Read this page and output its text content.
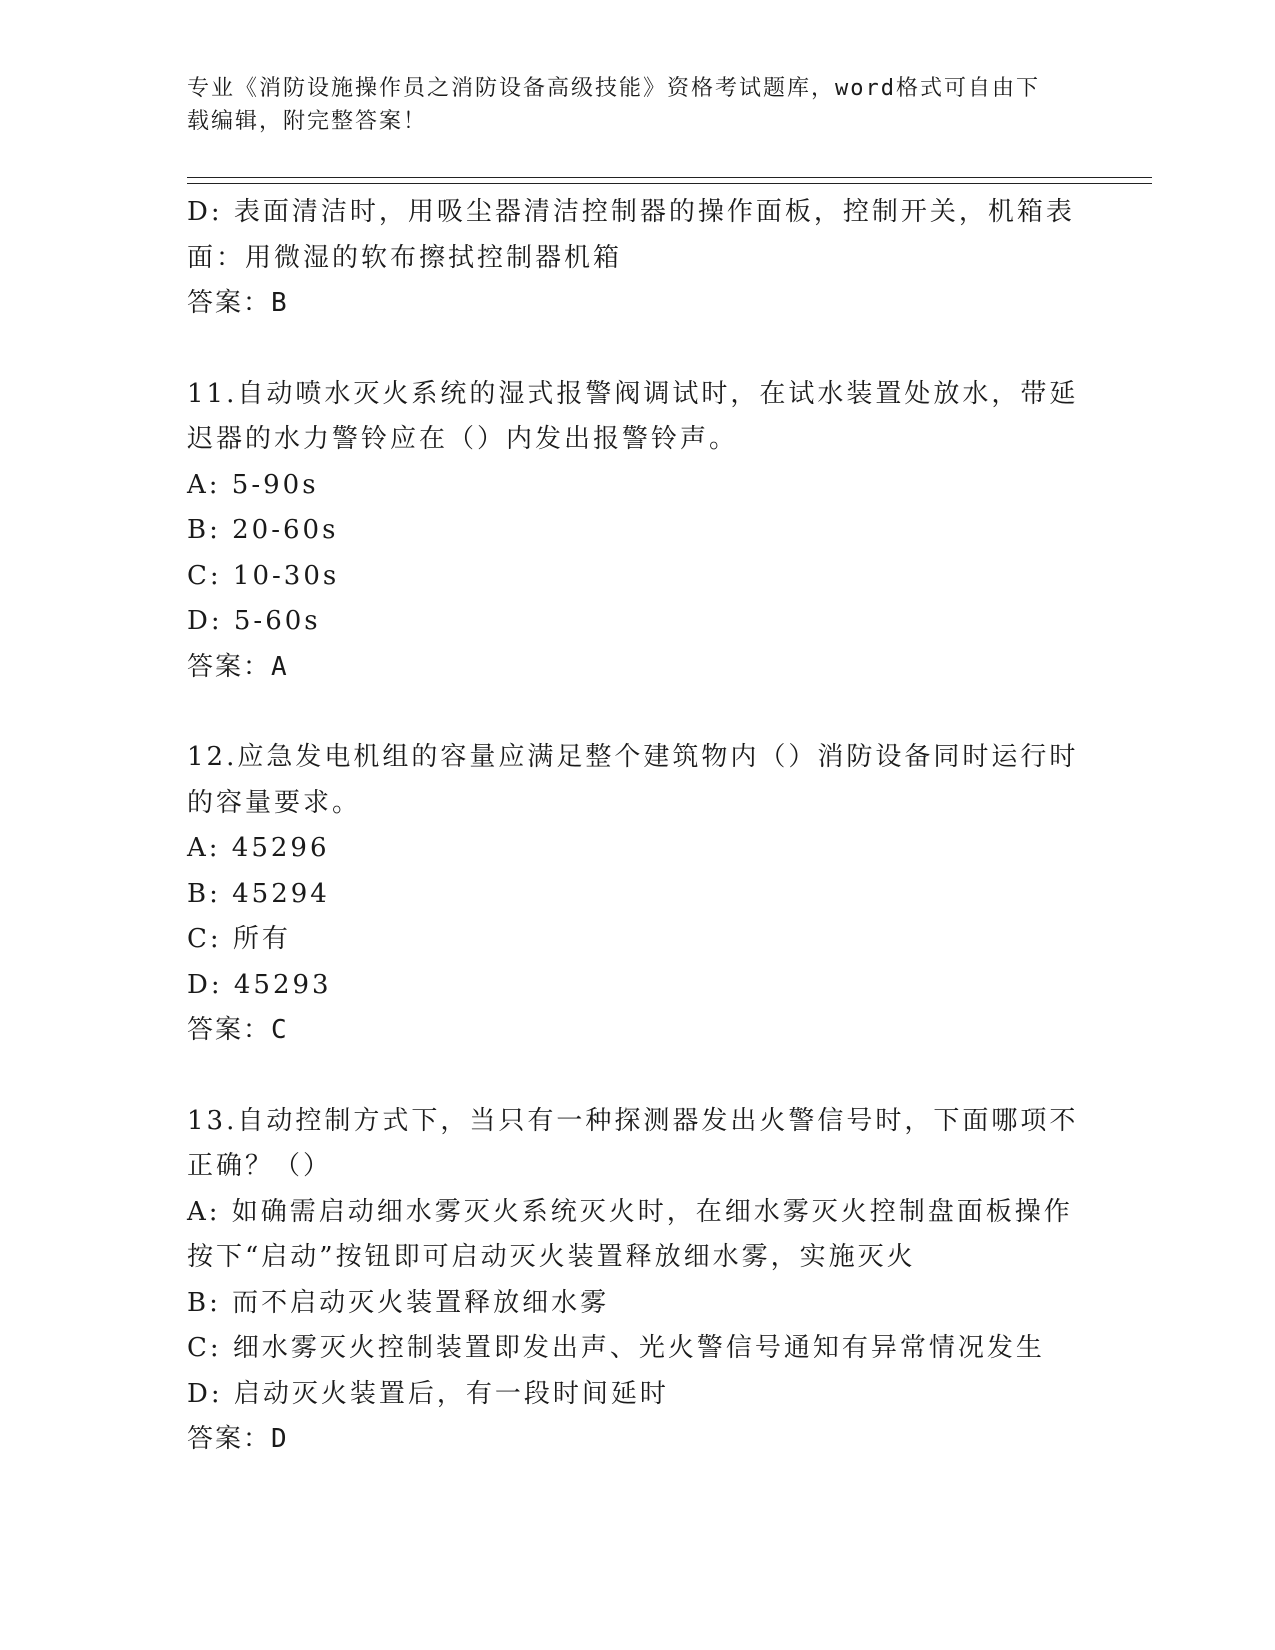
专业《消防设施操作员之消防设备高级技能》资格考试题库，word格式可自由下
载编辑，附完整答案！
D: 表面清洁时，用吸尘器清洁控制器的操作面板，控制开关，机箱表
面：用微湿的软布擦拭控制器机箱
答案：B
11.自动喷水灭火系统的湿式报警阀调试时，在试水装置处放水，带延
迟器的水力警铃应在（）内发出报警铃声。
A: 5-90s
B: 20-60s
C: 10-30s
D: 5-60s
答案：A
12.应急发电机组的容量应满足整个建筑物内（）消防设备同时运行时
的容量要求。
A: 45296
B: 45294
C: 所有
D: 45293
答案：C
13.自动控制方式下，当只有一种探测器发出火警信号时，下面哪项不
正确？（）
A: 如确需启动细水雾灭火系统灭火时，在细水雾灭火控制盘面板操作
按下“启动”按钮即可启动灭火装置释放细水雾，实施灭火
B: 而不启动灭火装置释放细水雾
C: 细水雾灭火控制装置即发出声、光火警信号通知有异常情况发生
D: 启动灭火装置后，有一段时间延时
答案：D
